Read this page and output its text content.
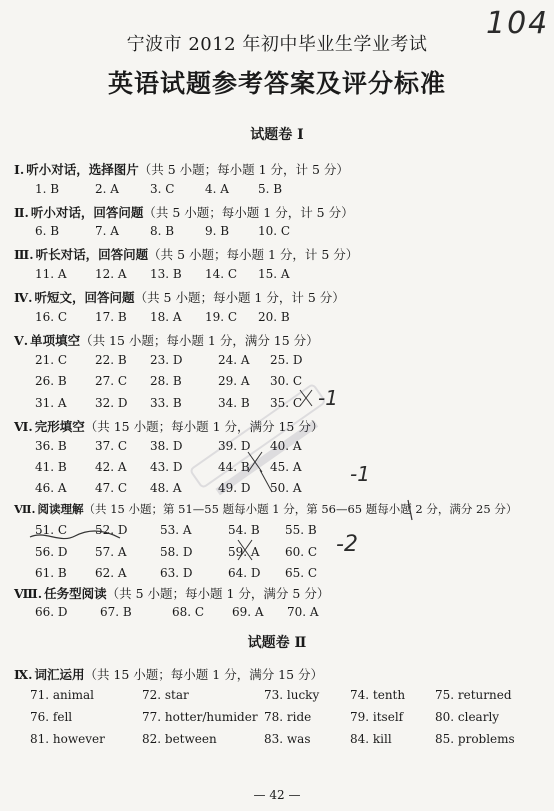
104
宁波市 2012 年初中毕业生学业考试
英语试题参考答案及评分标准
试题卷 Ⅰ
Ⅰ. 听小对话，选择图片（共 5 小题；每小题 1 分，计 5 分）
1. B	2. A	3. C	4. A 5. B
Ⅱ. 听小对话，回答问题（共 5 小题；每小题 1 分，计 5 分）
6. B	7. A	8. B	9. B 10. C
Ⅲ. 听长对话，回答问题（共 5 小题；每小题 1 分，计 5 分）
11. A 12. A 13. B 14. C 15. A
Ⅳ. 听短文，回答问题（共 5 小题；每小题 1 分，计 5 分）
16. C 17. B 18. A 19. C 20. B
Ⅴ. 单项填空（共 15 小题；每小题 1 分，满分 15 分）
21. C 22. B 23. D	24. A 25. D
26. B 27. C 28. B	29. A 30. C
31. A 32. D 33. B	34. B 35. C
Ⅵ. 完形填空（共 15 小题；每小题 1 分，满分 15 分）
36. B 37. C 38. D	39. D 40. A
41. B 42. A 43. D	44. B 45. A
46. A 47. C 48. A	49. D 50. A
Ⅶ. 阅读理解（共 15 小题；第 51—55 题每小题 1 分，第 56—65 题每小题 2 分，满分 25 分）
51. C 52. D	53. A	54. B 55. B
56. D 57. A	58. D	59. A 60. C
61. B 62. A	63. D	64. D 65. C
Ⅷ. 任务型阅读（共 5 小题；每小题 1 分，满分 5 分）
66. D	67. B	68. C 69. A 70. A
试题卷 Ⅱ
Ⅸ. 词汇运用（共 15 小题；每小题 1 分，满分 15 分）
71. animal	72. star	73. lucky	74. tenth 75. returned
76. fell	77. hotter/humider 78. ride	79. itself	80. clearly
81. however	82. between	83. was	84. kill	85. problems
— 42 —
-1
-1
-2
